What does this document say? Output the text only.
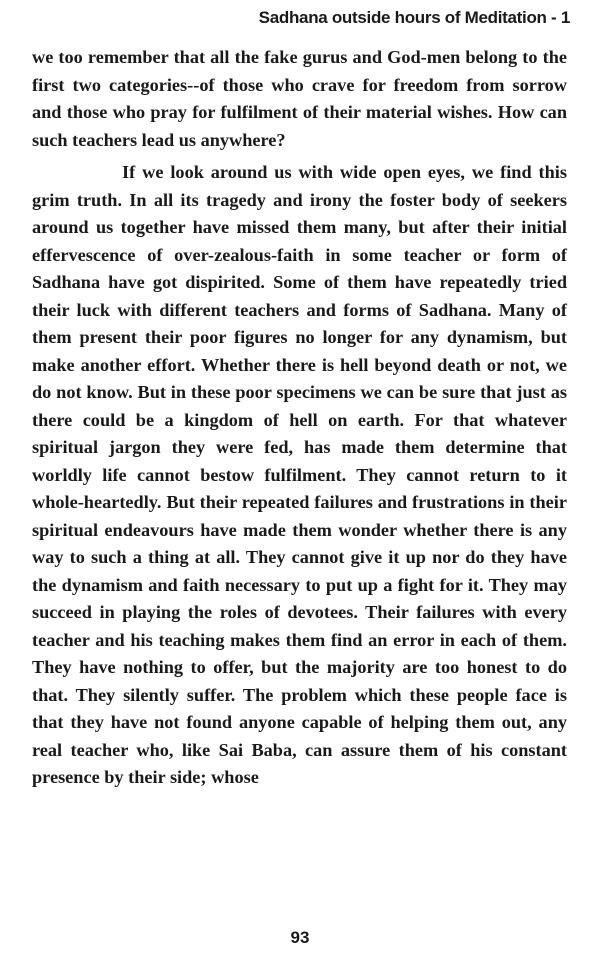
Sadhana outside hours of Meditation - 1

we too remember that all the fake gurus and God-men belong to the first two categories--of those who crave for freedom from sorrow and those who pray for fulfilment of their material wishes. How can such teachers lead us anywhere?

If we look around us with wide open eyes, we find this grim truth. In all its tragedy and irony the foster body of seekers around us together have missed them many, but after their initial effervescence of over-zealous-faith in some teacher or form of Sadhana have got dispirited. Some of them have repeatedly tried their luck with different teachers and forms of Sadhana. Many of them present their poor figures no longer for any dynamism, but make another effort. Whether there is hell beyond death or not, we do not know. But in these poor specimens we can be sure that just as there could be a kingdom of hell on earth. For that whatever spiritual jargon they were fed, has made them determine that worldly life cannot bestow fulfilment. They cannot return to it whole-heartedly. But their repeated failures and frustrations in their spiritual endeavours have made them wonder whether there is any way to such a thing at all. They cannot give it up nor do they have the dynamism and faith necessary to put up a fight for it. They may succeed in playing the roles of devotees. Their failures with every teacher and his teaching makes them find an error in each of them. They have nothing to offer, but the majority are too honest to do that. They silently suffer. The problem which these people face is that they have not found anyone capable of helping them out, any real teacher who, like Sai Baba, can assure them of his constant presence by their side; whose

93
